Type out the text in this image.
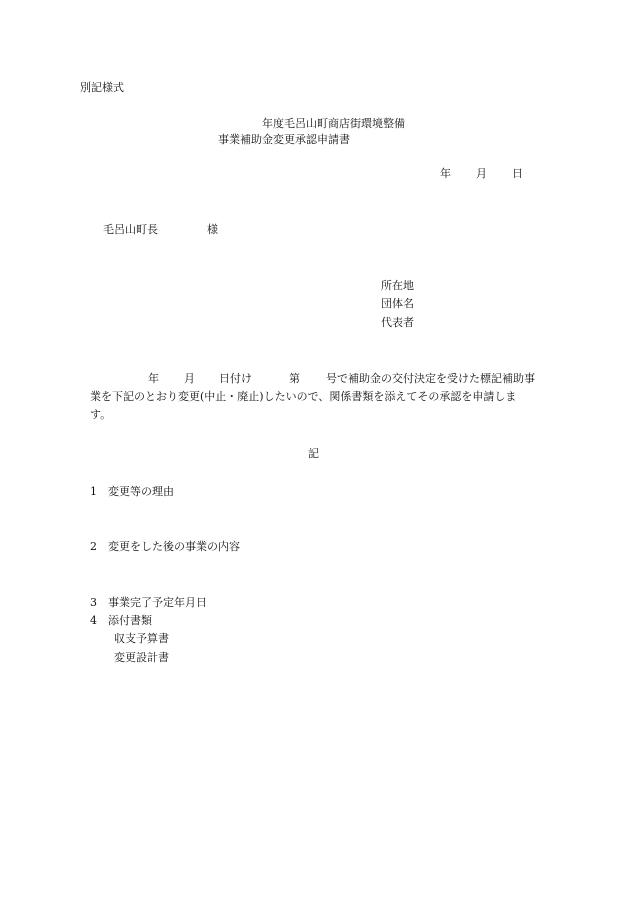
別記様式
年度毛呂山町商店街環境整備
事業補助金変更承認申請書
年 月 日
毛呂山町長	様
所在地
団体名
代表者
年 月 日付け	第 号で補助金の交付決定を受けた標記補助事
業を下記のとおり変更(中止・廃止)したいので、関係書類を添えてその承認を申請しま
す。
記
1 変更等の理由
2 変更をした後の事業の内容
3 事業完了予定年月日
4 添付書類
収支予算書
変更設計書
